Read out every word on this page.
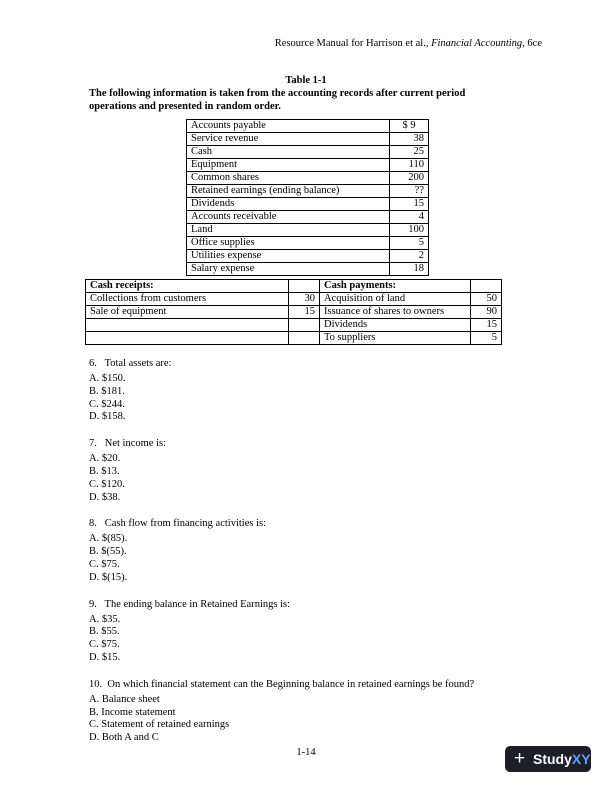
Resource Manual for Harrison et al., Financial Accounting, 6ce
Table 1-1
The following information is taken from the accounting records after current period operations and presented in random order.
Accounts payable	$ 9
Service revenue	38
Cash	25
Equipment	110
Common shares	200
Retained earnings (ending balance)	??
Dividends	15
Accounts receivable	4
Land	100
Office supplies	5
Utilities expense	2
Salary expense	18
Cash receipts:		Cash payments:	
Collections from customers	30	Acquisition of land	50
Sale of equipment	15	Issuance of shares to owners	90
		Dividends	15
		To suppliers	5
6.   Total assets are:
A. $150.
B. $181.
C. $244.
D. $158.
7.   Net income is:
A. $20.
B. $13.
C. $120.
D. $38.
8.   Cash flow from financing activities is:
A. $(85).
B. $(55).
C. $75.
D. $(15).
9.   The ending balance in Retained Earnings is:
A. $35.
B. $55.
C. $75.
D. $15.
10.  On which financial statement can the Beginning balance in retained earnings be found?
A. Balance sheet
B. Income statement
C. Statement of retained earnings
D. Both A and C
1-14	+ StudyXY
